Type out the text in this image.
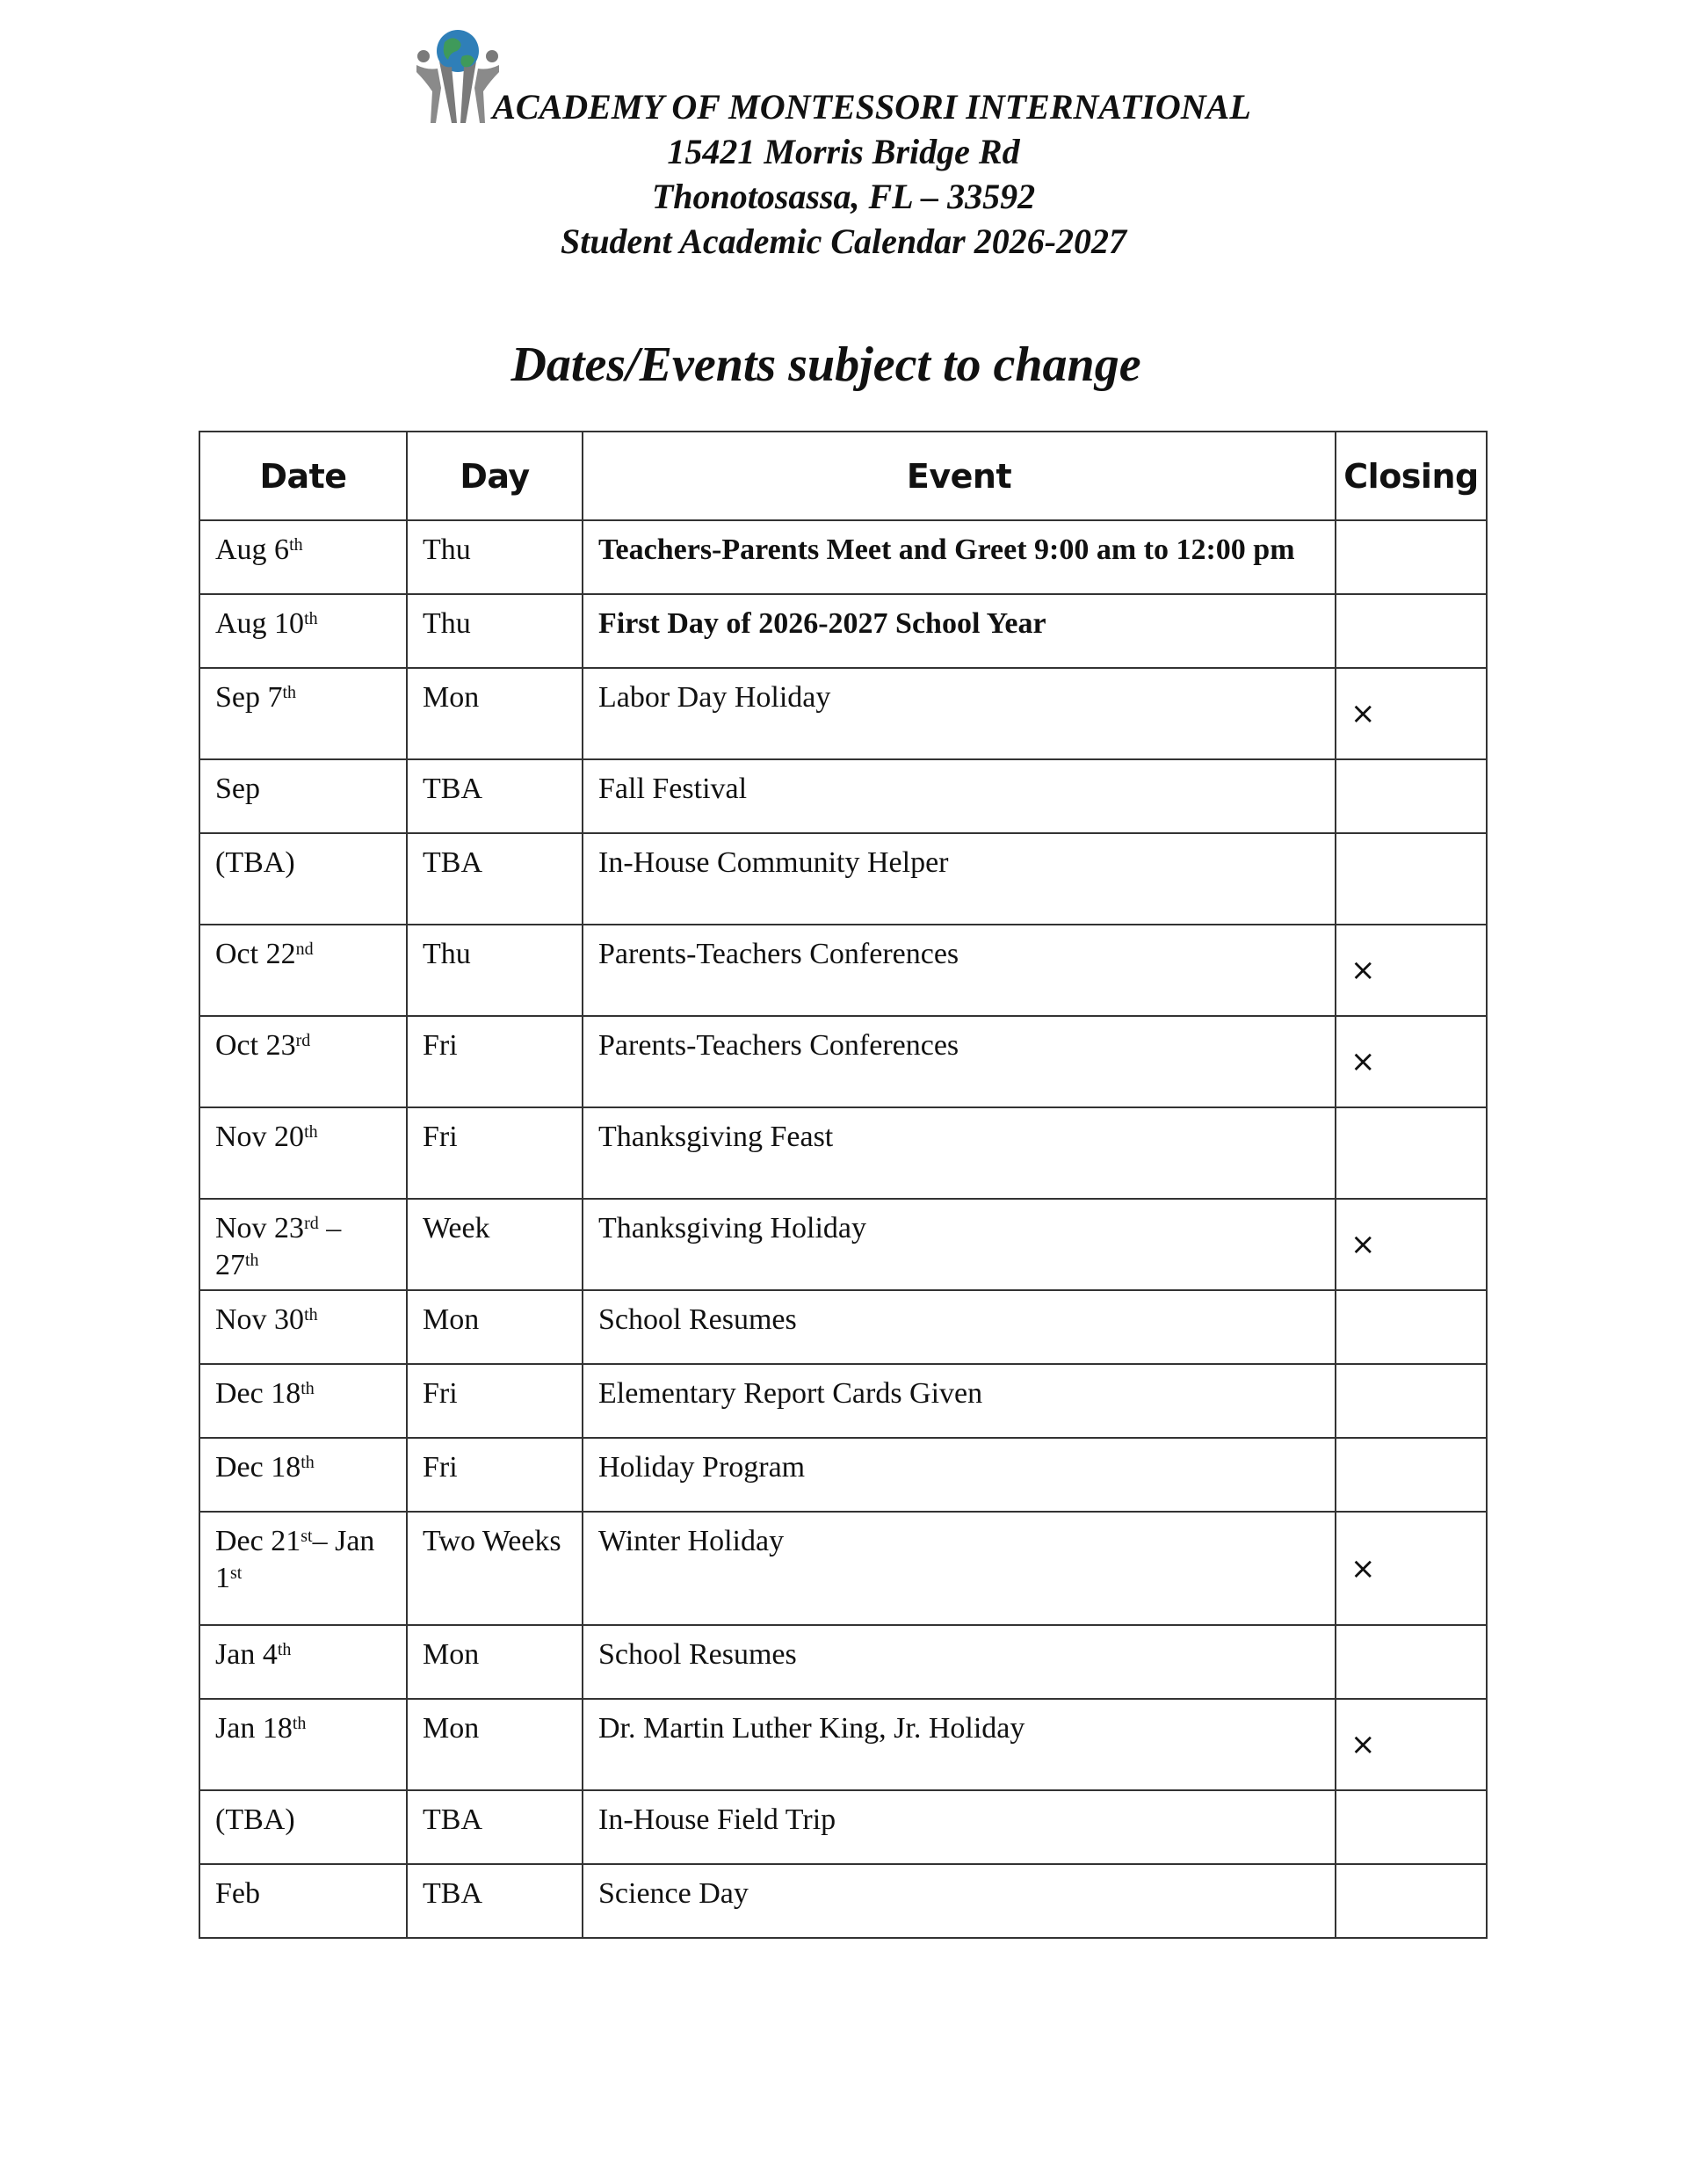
ACADEMY OF MONTESSORI INTERNATIONAL
15421 Morris Bridge Rd
Thonotosassa, FL – 33592
Student Academic Calendar 2026-2027
Dates/Events subject to change
Date	Day	Event	Closing

Aug 6th	Thu	Teachers-Parents Meet and Greet 9:00 am to 12:00 pm	

Aug 10th	Thu	First Day of 2026-2027 School Year	

Sep 7th	Mon	Labor Day Holiday	×

Sep	TBA	Fall Festival	

(TBA)	TBA	In-House Community Helper	

Oct 22nd	Thu	Parents-Teachers Conferences	×

Oct 23rd	Fri	Parents-Teachers Conferences	×

Nov 20th	Fri	Thanksgiving Feast	

Nov 23rd – 27th	Week	Thanksgiving Holiday	×

Nov 30th	Mon	School Resumes	

Dec 18th	Fri	Elementary Report Cards Given	

Dec 18th	Fri	Holiday Program	

Dec 21st– Jan 1st	Two Weeks	Winter Holiday	×

Jan 4th	Mon	School Resumes	

Jan 18th	Mon	Dr. Martin Luther King, Jr. Holiday	×

(TBA)	TBA	In-House Field Trip	

Feb	TBA	Science Day	
